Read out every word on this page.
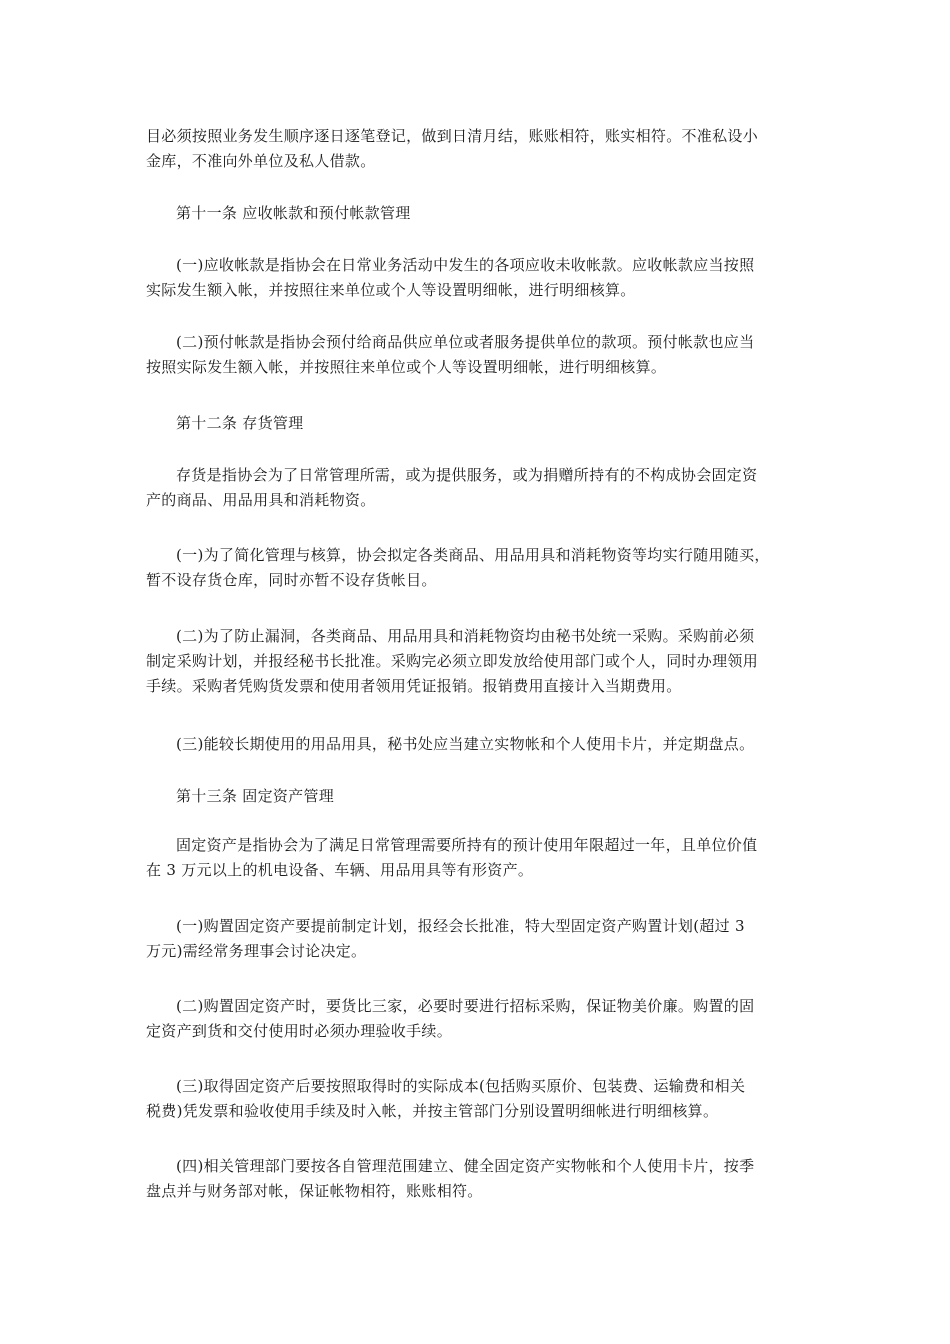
目必须按照业务发生顺序逐日逐笔登记，做到日清月结，账账相符，账实相符。不准私设小
金库，不准向外单位及私人借款。

第十一条 应收帐款和预付帐款管理

(一)应收帐款是指协会在日常业务活动中发生的各项应收未收帐款。应收帐款应当按照
实际发生额入帐，并按照往来单位或个人等设置明细帐，进行明细核算。

(二)预付帐款是指协会预付给商品供应单位或者服务提供单位的款项。预付帐款也应当
按照实际发生额入帐，并按照往来单位或个人等设置明细帐，进行明细核算。

第十二条 存货管理

存货是指协会为了日常管理所需，或为提供服务，或为捐赠所持有的不构成协会固定资
产的商品、用品用具和消耗物资。

(一)为了简化管理与核算，协会拟定各类商品、用品用具和消耗物资等均实行随用随买，
暂不设存货仓库，同时亦暂不设存货帐目。

(二)为了防止漏洞，各类商品、用品用具和消耗物资均由秘书处统一采购。采购前必须
制定采购计划，并报经秘书长批准。采购完必须立即发放给使用部门或个人，同时办理领用
手续。采购者凭购货发票和使用者领用凭证报销。报销费用直接计入当期费用。

(三)能较长期使用的用品用具，秘书处应当建立实物帐和个人使用卡片，并定期盘点。

第十三条 固定资产管理

固定资产是指协会为了满足日常管理需要所持有的预计使用年限超过一年，且单位价值
在 3 万元以上的机电设备、车辆、用品用具等有形资产。

(一)购置固定资产要提前制定计划，报经会长批准，特大型固定资产购置计划(超过 3
万元)需经常务理事会讨论决定。

(二)购置固定资产时，要货比三家，必要时要进行招标采购，保证物美价廉。购置的固
定资产到货和交付使用时必须办理验收手续。

(三)取得固定资产后要按照取得时的实际成本(包括购买原价、包装费、运输费和相关
税费)凭发票和验收使用手续及时入帐，并按主管部门分别设置明细帐进行明细核算。

(四)相关管理部门要按各自管理范围建立、健全固定资产实物帐和个人使用卡片，按季
盘点并与财务部对帐，保证帐物相符，账账相符。
